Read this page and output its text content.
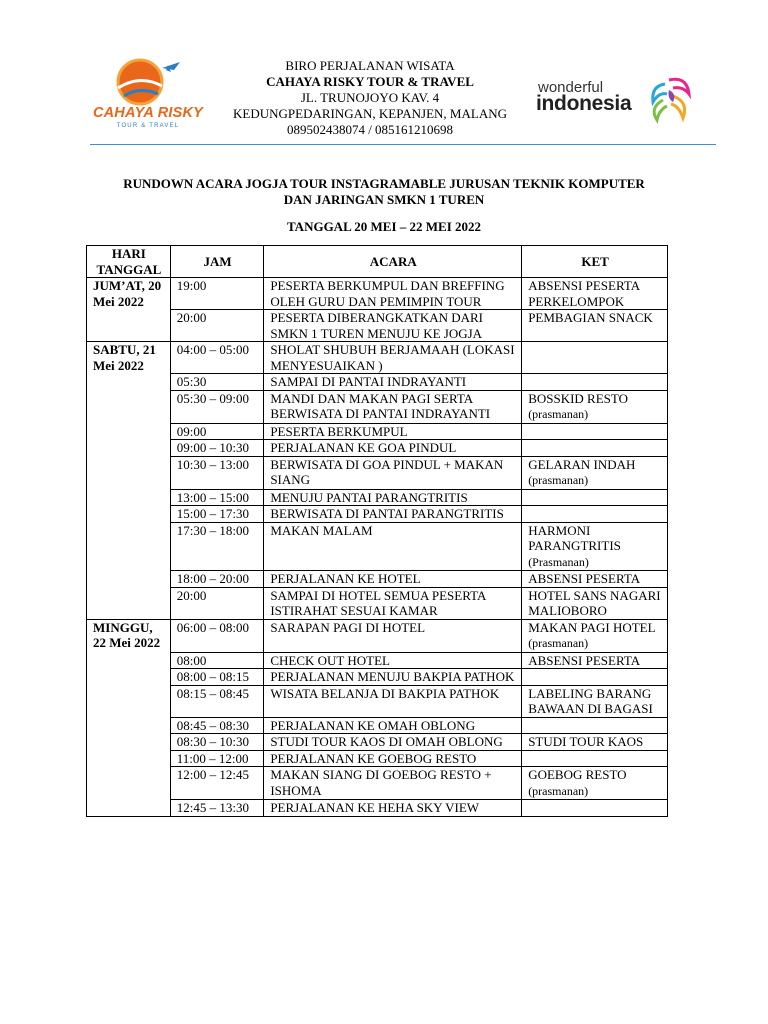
CAHAYA RISKY
TOUR & TRAVEL
BIRO PERJALANAN WISATA
CAHAYA RISKY TOUR & TRAVEL
JL. TRUNOJOYO KAV. 4
KEDUNGPEDARINGAN, KEPANJEN, MALANG
089502438074 / 085161210698
wonderful
indonesia
RUNDOWN ACARA JOGJA TOUR INSTAGRAMABLE JURUSAN TEKNIK KOMPUTER
DAN JARINGAN SMKN 1 TUREN
TANGGAL 20 MEI – 22 MEI 2022
HARI TANGGAL	JAM	ACARA	KET
JUM’AT, 20 Mei 2022	19:00	PESERTA BERKUMPUL DAN BREFFING OLEH GURU DAN PEMIMPIN TOUR	ABSENSI PESERTA PERKELOMPOK
	20:00	PESERTA DIBERANGKATKAN DARI SMKN 1 TUREN MENUJU KE JOGJA	PEMBAGIAN SNACK
SABTU, 21 Mei 2022	04:00 – 05:00	SHOLAT SHUBUH BERJAMAAH (LOKASI MENYESUAIKAN )	
	05:30	SAMPAI DI PANTAI INDRAYANTI	
	05:30 – 09:00	MANDI DAN MAKAN PAGI SERTA BERWISATA DI PANTAI INDRAYANTI	BOSSKID RESTO (prasmanan)
	09:00	PESERTA BERKUMPUL	
	09:00 – 10:30	PERJALANAN KE GOA PINDUL	
	10:30 – 13:00	BERWISATA DI GOA PINDUL + MAKAN SIANG	GELARAN INDAH (prasmanan)
	13:00 – 15:00	MENUJU PANTAI PARANGTRITIS	
	15:00 – 17:30	BERWISATA DI PANTAI PARANGTRITIS	
	17:30 – 18:00	MAKAN MALAM	HARMONI PARANGTRITIS (Prasmanan)
	18:00 – 20:00	PERJALANAN KE HOTEL	ABSENSI PESERTA
	20:00	SAMPAI DI HOTEL SEMUA PESERTA ISTIRAHAT SESUAI KAMAR	HOTEL SANS NAGARI MALIOBORO
MINGGU, 22 Mei 2022	06:00 – 08:00	SARAPAN PAGI DI HOTEL	MAKAN PAGI HOTEL (prasmanan)
	08:00	CHECK OUT HOTEL	ABSENSI PESERTA
	08:00 – 08:15	PERJALANAN MENUJU BAKPIA PATHOK	
	08:15 – 08:45	WISATA BELANJA DI BAKPIA PATHOK	LABELING BARANG BAWAAN DI BAGASI
	08:45 – 08:30	PERJALANAN KE OMAH OBLONG	
	08:30 – 10:30	STUDI TOUR KAOS DI OMAH OBLONG	STUDI TOUR KAOS
	11:00 – 12:00	PERJALANAN KE GOEBOG RESTO	
	12:00 – 12:45	MAKAN SIANG DI GOEBOG RESTO + ISHOMA	GOEBOG RESTO (prasmanan)
	12:45 – 13:30	PERJALANAN KE HEHA SKY VIEW	
